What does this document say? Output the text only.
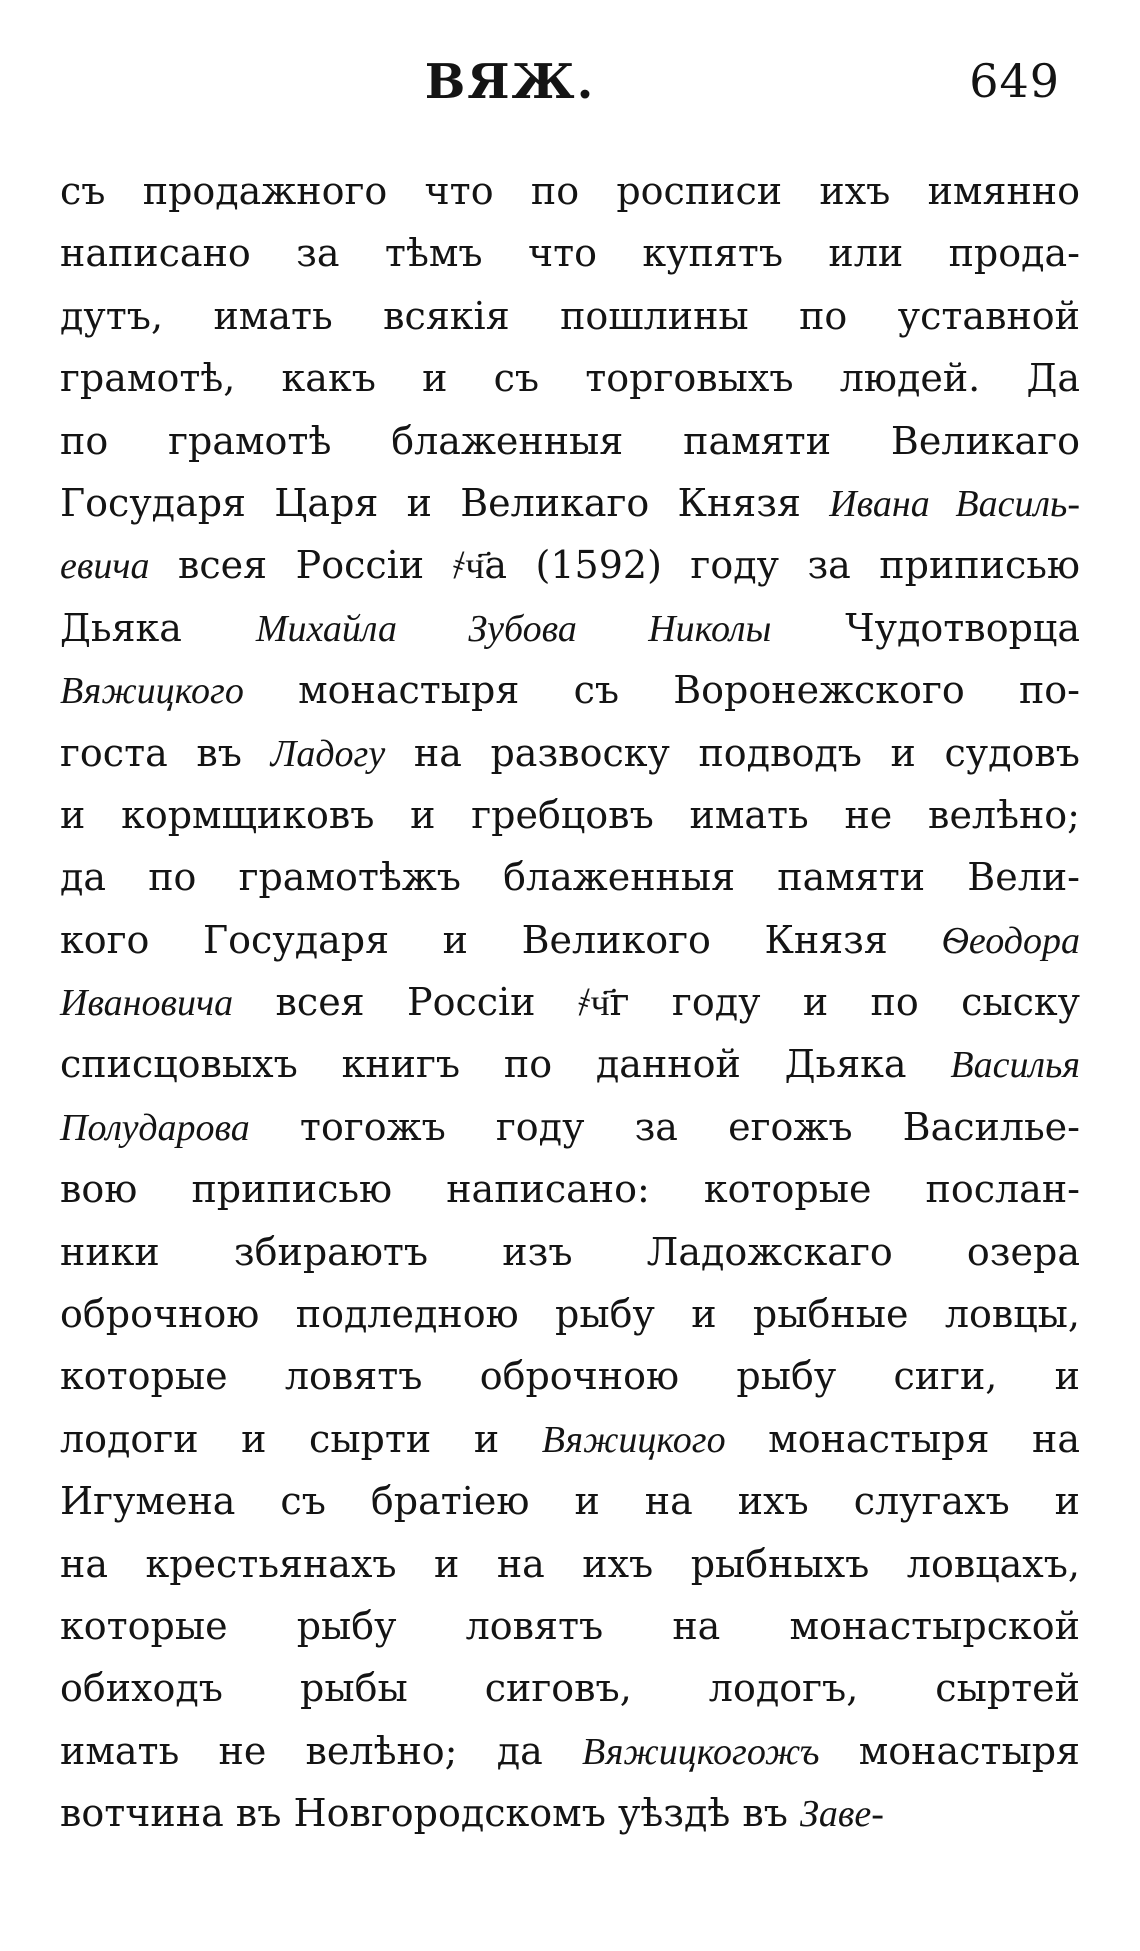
ВЯЖ.	649
съ продажного что по росписи ихъ имянно
написано за тѣмъ что купятъ или прода-
дутъ, имать всякія пошлины по уставной
грамотѣ, какъ и съ торговыхъ людей. Да
по грамотѣ блаженныя памяти Великаго
Государя Царя и Великаго Князя Ивана Василь-
евича всея Россіи ҂ч҃а (1592) году за приписью
Дьяка Михайла Зубова Николы Чудотворца
Вяжицкого монастыря съ Воронежского по-
госта въ Ладогу на развоску подводъ и судовъ
и кормщиковъ и гребцовъ имать не велѣно;
да по грамотѣжъ блаженныя памяти Вели-
кого Государя и Великого Князя Ѳеодора
Ивановича всея Россіи ҂ч҃г году и по сыску
списцовыхъ книгъ по данной Дьяка Василья
Полударова тогожъ году за егожъ Василье-
вою приписью написано: которые послан-
ники збираютъ изъ Ладожскаго озера
оброчною подледною рыбу и рыбные ловцы,
которые ловятъ оброчною рыбу сиги, и
лодоги и сырти и Вяжицкого монастыря на
Игумена съ братіею и на ихъ слугахъ и
на крестьянахъ и на ихъ рыбныхъ ловцахъ,
которые рыбу ловятъ на монастырской
обиходъ рыбы сиговъ, лодогъ, сыртей
имать не велѣно; да Вяжицкогожъ монастыря
вотчина въ Новгородскомъ уѣздѣ въ Заве-
